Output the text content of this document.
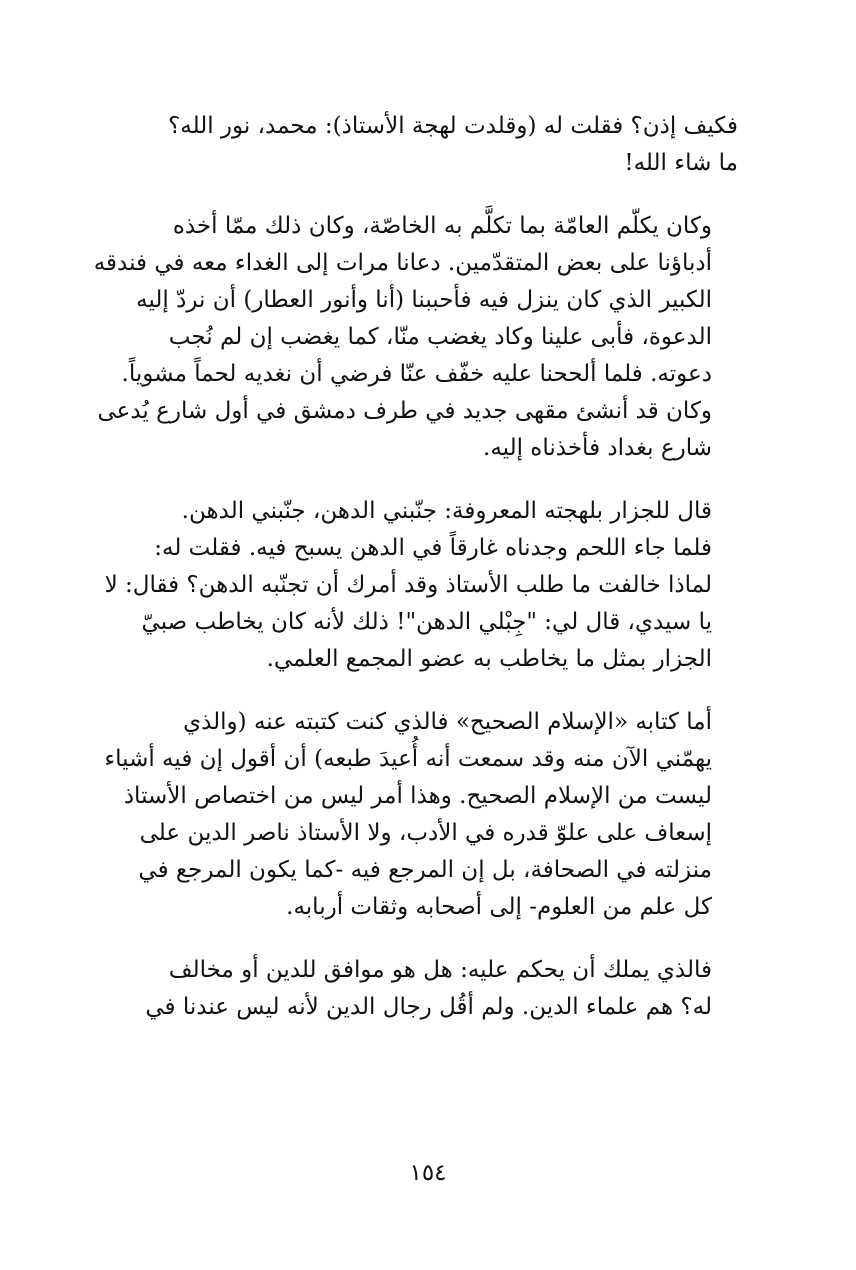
فكيف إذن؟ فقلت له (وقلدت لهجة الأستاذ): محمد، نور الله؟
ما شاء الله!

وكان يكلّم العامّة بما تكلَّم به الخاصّة، وكان ذلك ممّا أخذه
أدباؤنا على بعض المتقدّمين. دعانا مرات إلى الغداء معه في فندقه
الكبير الذي كان ينزل فيه فأحببنا (أنا وأنور العطار) أن نردّ إليه
الدعوة، فأبى علينا وكاد يغضب منّا، كما يغضب إن لم نُجب
دعوته. فلما ألححنا عليه خفّف عنّا فرضي أن نغديه لحماً مشوياً.
وكان قد أنشئ مقهى جديد في طرف دمشق في أول شارع يُدعى
شارع بغداد فأخذناه إليه.

قال للجزار بلهجته المعروفة: جنّبني الدهن، جنّبني الدهن.
فلما جاء اللحم وجدناه غارقاً في الدهن يسبح فيه. فقلت له:
لماذا خالفت ما طلب الأستاذ وقد أمرك أن تجنّبه الدهن؟ فقال: لا
يا سيدي، قال لي: "جِبْلي الدهن"! ذلك لأنه كان يخاطب صبيّ
الجزار بمثل ما يخاطب به عضو المجمع العلمي.

أما كتابه «الإسلام الصحيح» فالذي كنت كتبته عنه (والذي
يهمّني الآن منه وقد سمعت أنه أُعيدَ طبعه) أن أقول إن فيه أشياء
ليست من الإسلام الصحيح. وهذا أمر ليس من اختصاص الأستاذ
إسعاف على علوّ قدره في الأدب، ولا الأستاذ ناصر الدين على
منزلته في الصحافة، بل إن المرجع فيه -كما يكون المرجع في
كل علم من العلوم- إلى أصحابه وثقات أربابه.

فالذي يملك أن يحكم عليه: هل هو موافق للدين أو مخالف
له؟ هم علماء الدين. ولم أقُل رجال الدين لأنه ليس عندنا في

١٥٤
